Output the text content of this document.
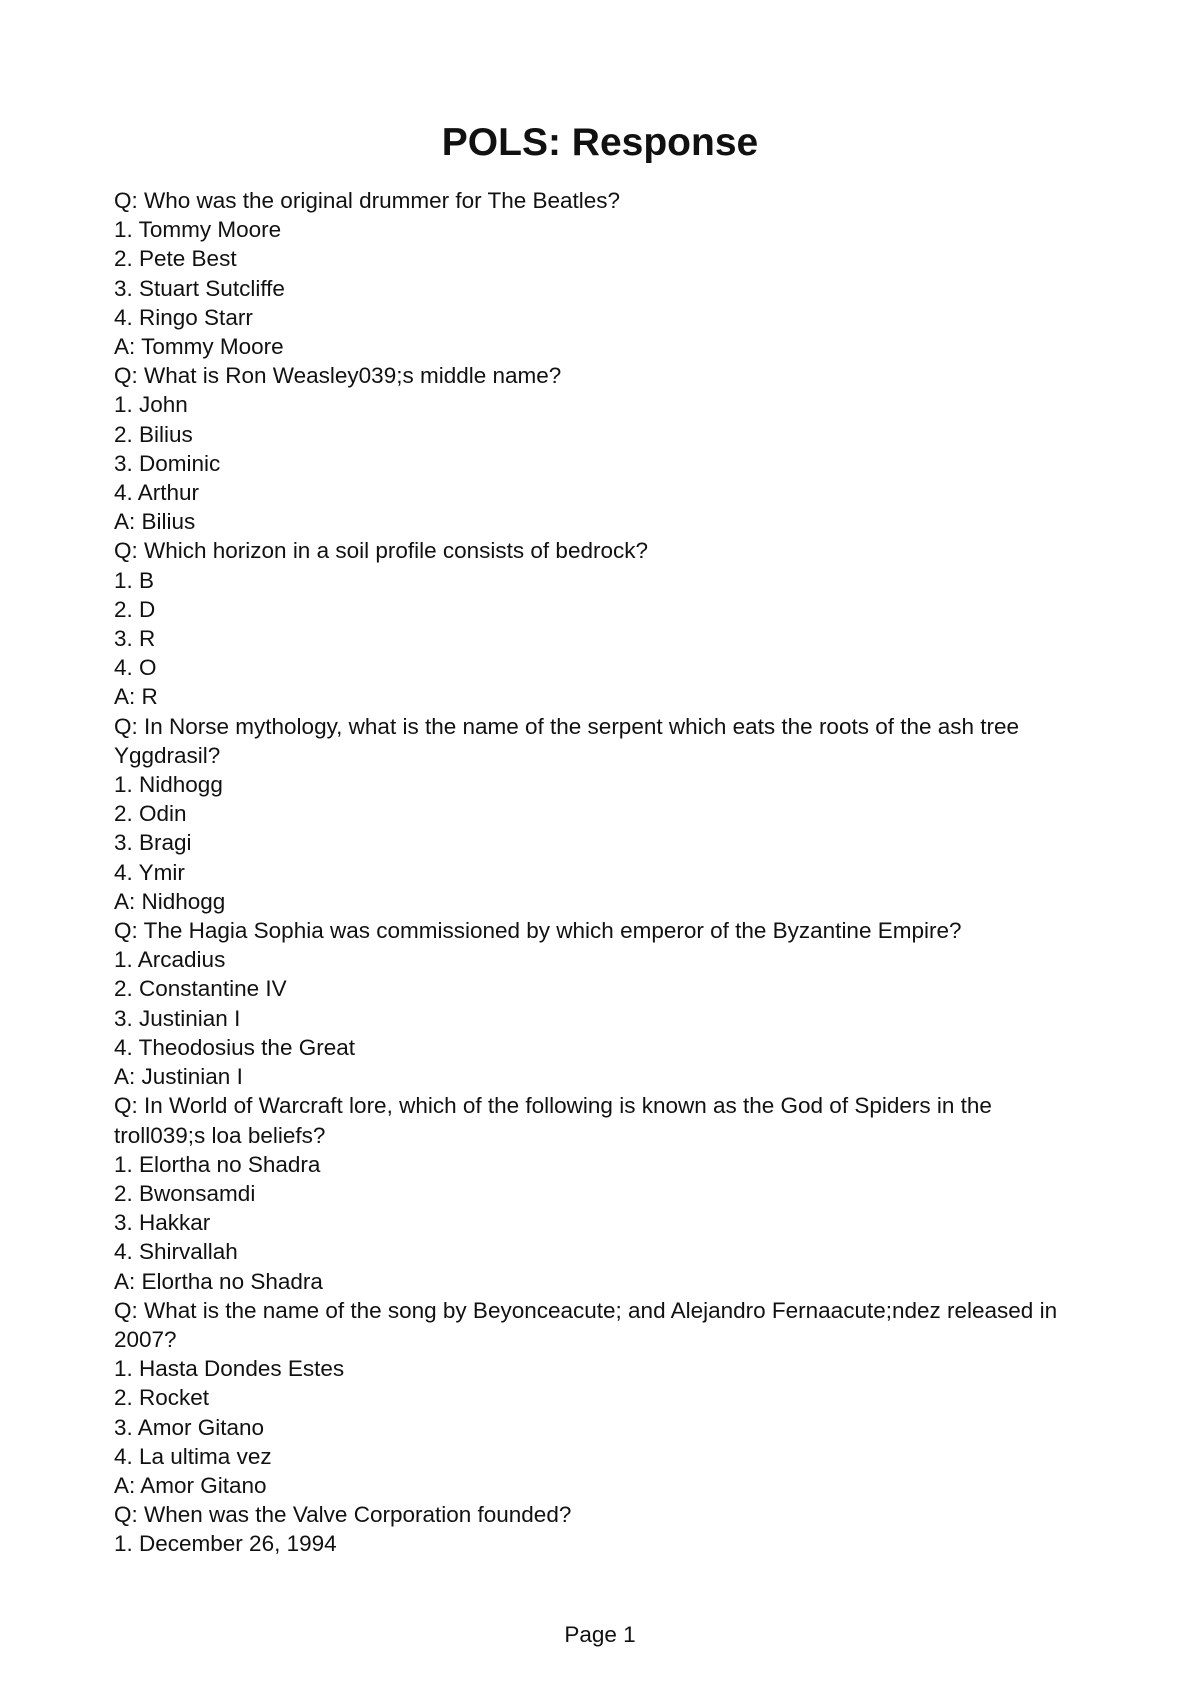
POLS: Response

Q: Who was the original drummer for The Beatles?

1. Tommy Moore
2. Pete Best
3. Stuart Sutcliffe
4. Ringo Starr

A: Tommy Moore

Q: What is Ron Weasley039;s middle name?

1. John
2. Bilius
3. Dominic
4. Arthur

A: Bilius

Q: Which horizon in a soil profile consists of bedrock?

1. B
2. D
3. R
4. O

A: R

Q: In Norse mythology, what is the name of the serpent which eats the roots of the ash tree Yggdrasil?

1. Nidhogg
2. Odin
3. Bragi
4. Ymir

A: Nidhogg

Q: The Hagia Sophia was commissioned by which emperor of the Byzantine Empire?

1. Arcadius
2. Constantine IV
3. Justinian I
4. Theodosius the Great

A: Justinian I

Q: In World of Warcraft lore, which of the following is known as the God of Spiders in the troll039;s loa beliefs?

1. Elortha no Shadra
2. Bwonsamdi
3. Hakkar
4. Shirvallah

A: Elortha no Shadra

Q: What is the name of the song by Beyonceacute; and Alejandro Fernaacute;ndez released in 2007?

1. Hasta Dondes Estes
2. Rocket
3. Amor Gitano
4. La ultima vez

A: Amor Gitano

Q: When was the Valve Corporation founded?

1. December 26, 1994
Page 1
